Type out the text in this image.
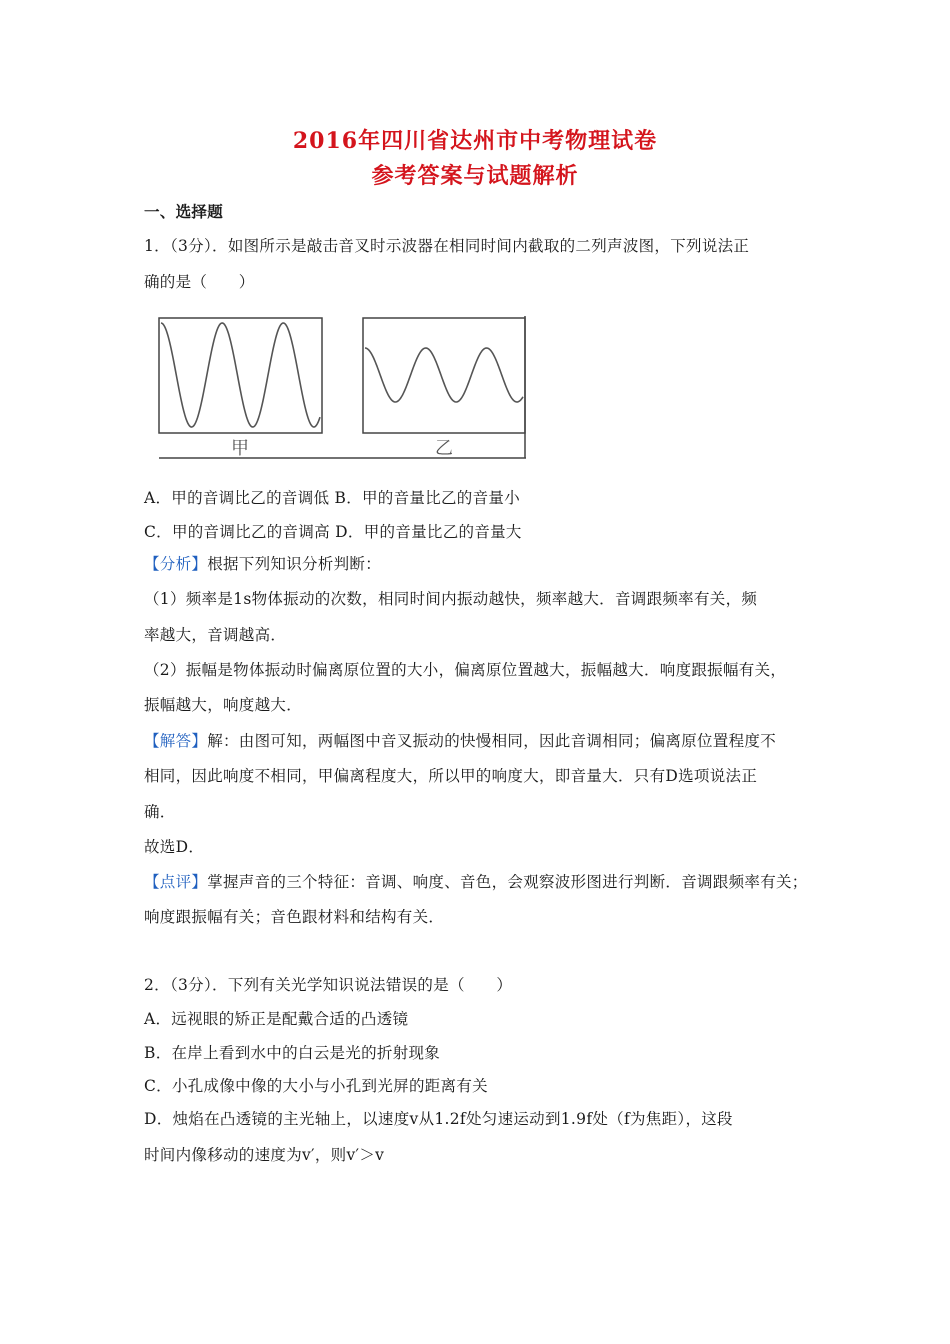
2016年四川省达州市中考物理试卷
参考答案与试题解析
一、选择题
1．（3分）．如图所示是敲击音叉时示波器在相同时间内截取的二列声波图，下列说法正
确的是（　　）
甲	乙
A．甲的音调比乙的音调低 B．甲的音量比乙的音量小
C．甲的音调比乙的音调高 D．甲的音量比乙的音量大
【分析】根据下列知识分析判断：
（1）频率是1s物体振动的次数，相同时间内振动越快，频率越大．音调跟频率有关，频
率越大，音调越高．
（2）振幅是物体振动时偏离原位置的大小，偏离原位置越大，振幅越大．响度跟振幅有关，
振幅越大，响度越大．
【解答】解：由图可知，两幅图中音叉振动的快慢相同，因此音调相同；偏离原位置程度不
相同，因此响度不相同，甲偏离程度大，所以甲的响度大，即音量大．只有D选项说法正
确．
故选D．
【点评】掌握声音的三个特征：音调、响度、音色，会观察波形图进行判断．音调跟频率有关；
响度跟振幅有关；音色跟材料和结构有关．
2．（3分）．下列有关光学知识说法错误的是（　　）
A．远视眼的矫正是配戴合适的凸透镜
B．在岸上看到水中的白云是光的折射现象
C．小孔成像中像的大小与小孔到光屏的距离有关
D．烛焰在凸透镜的主光轴上，以速度v从1.2f处匀速运动到1.9f处（f为焦距），这段
时间内像移动的速度为v′，则v′＞v
